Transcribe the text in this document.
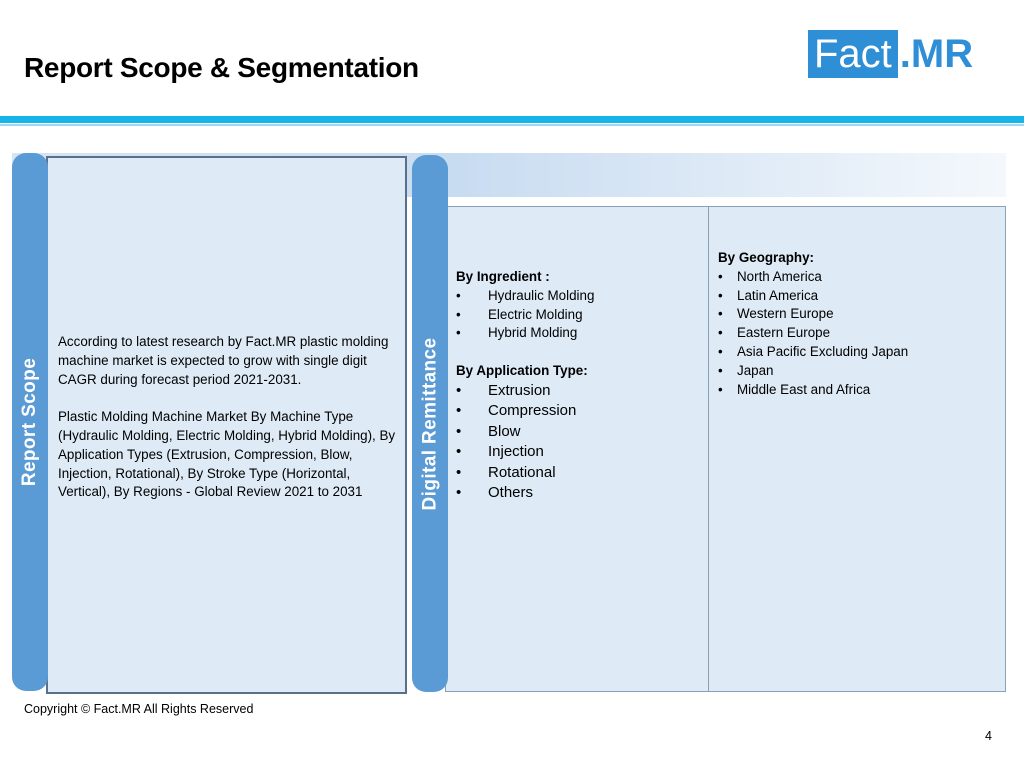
Report Scope & Segmentation	Fact .MR
Report Scope

According to latest research by Fact.MR plastic molding machine market is expected to grow with single digit CAGR during forecast period 2021-2031.

Plastic Molding Machine Market By Machine Type (Hydraulic Molding, Electric Molding, Hybrid Molding), By Application Types (Extrusion, Compression, Blow, Injection, Rotational), By Stroke Type (Horizontal, Vertical), By Regions - Global Review 2021 to 2031	Digital Remittance
By Ingredient :
• Hydraulic Molding
• Electric Molding
• Hybrid Molding
By Application Type:
• Extrusion
• Compression
• Blow
• Injection
• Rotational
• Others
By Geography:
• North America
• Latin America
• Western Europe
• Eastern Europe
• Asia Pacific Excluding Japan
• Japan
• Middle East and Africa
Copyright © Fact.MR All Rights Reserved
4
